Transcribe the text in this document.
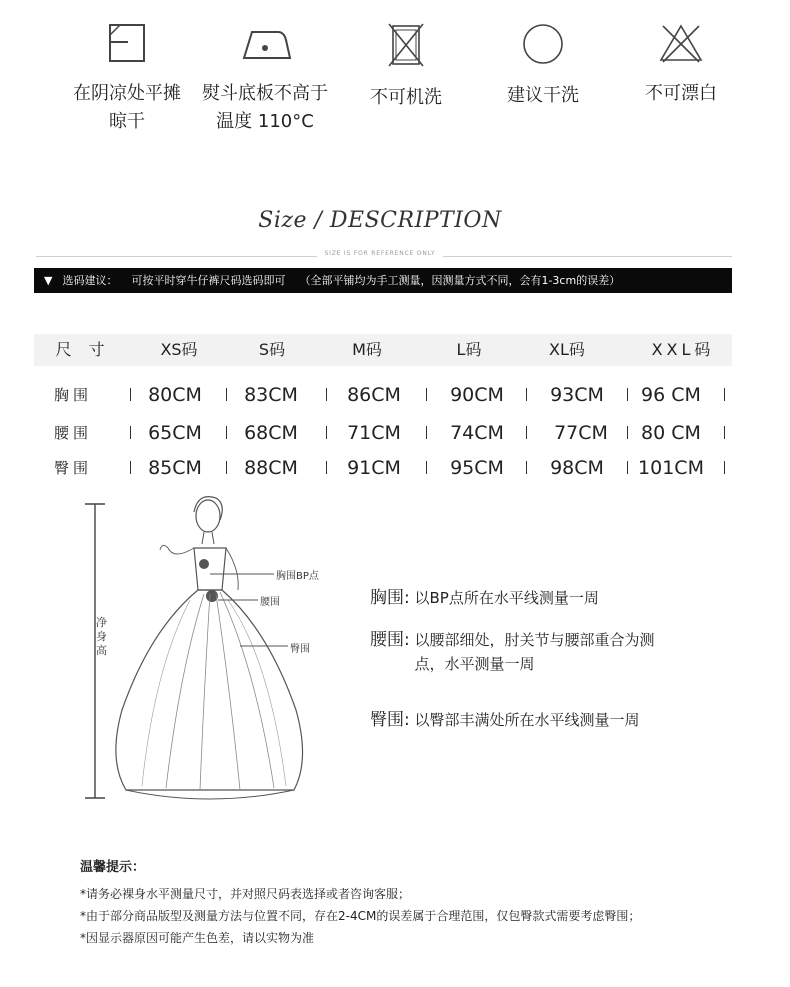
在阴凉处平摊
晾干
熨斗底板不高于
温度 110°C
不可机洗	建议干洗	不可漂白
Size / DESCRIPTION
SIZE IS FOR REFERENCE ONLY
▼ 选码建议： 可按平时穿牛仔裤尺码选码即可 （全部平铺均为手工测量，因测量方式不同，会有1-3cm的误差）
尺 寸	XS码	S码	M码	L码	XL码	XXL码
胸围	80CM	83CM	86CM	90CM	93CM	96 CM
腰围	65CM	68CM	71CM	74CM	77CM	80 CM
臀围	85CM	88CM	91CM	95CM	98CM	101CM
净身高
胸围BP点
腰围
臀围
胸围: 以BP点所在水平线测量一周
腰围: 以腰部细处，肘关节与腰部重合为测
点，水平测量一周
臀围: 以臀部丰满处所在水平线测量一周
温馨提示：
*请务必裸身水平测量尺寸，并对照尺码表选择或者咨询客服；
*由于部分商品版型及测量方法与位置不同，存在2-4CM的误差属于合理范围，仅包臀款式需要考虑臀围；
*因显示器原因可能产生色差，请以实物为准
